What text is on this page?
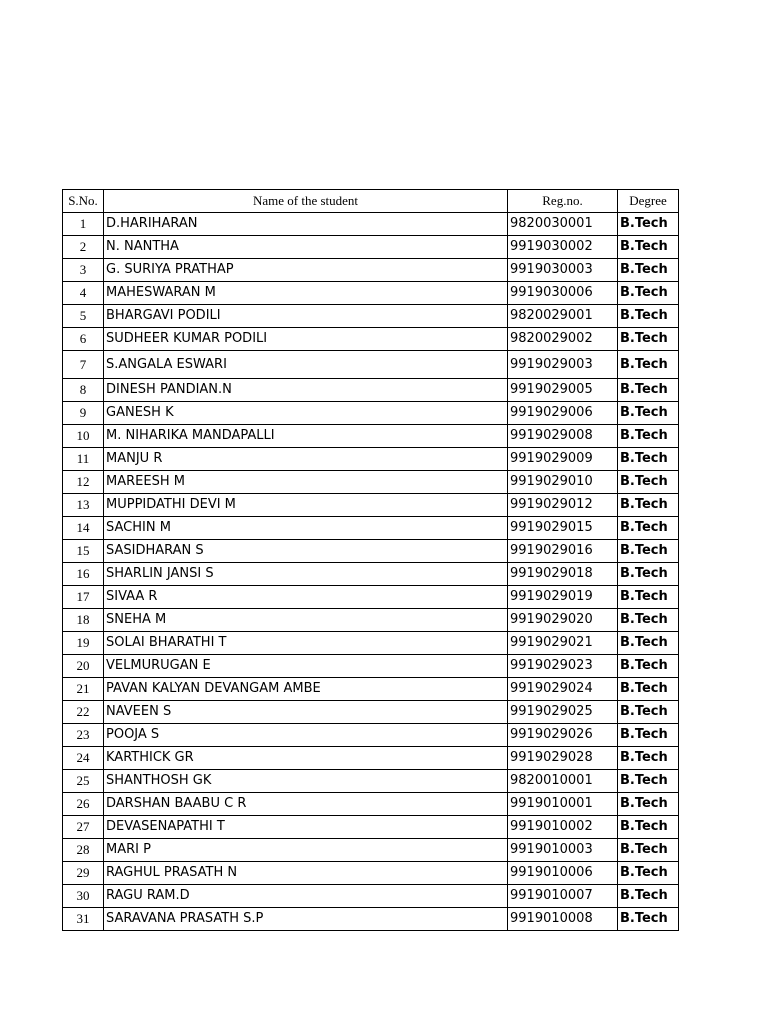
S.No.	Name of the student	Reg.no.	Degree
1	D.HARIHARAN	9820030001	B.Tech
2	N. NANTHA	9919030002	B.Tech
3	G. SURIYA PRATHAP	9919030003	B.Tech
4	MAHESWARAN M	9919030006	B.Tech
5	BHARGAVI PODILI	9820029001	B.Tech
6	SUDHEER KUMAR PODILI	9820029002	B.Tech
7	S.ANGALA ESWARI	9919029003	B.Tech
8	DINESH PANDIAN.N	9919029005	B.Tech
9	GANESH K	9919029006	B.Tech
10	M. NIHARIKA MANDAPALLI	9919029008	B.Tech
11	MANJU R	9919029009	B.Tech
12	MAREESH M	9919029010	B.Tech
13	MUPPIDATHI DEVI M	9919029012	B.Tech
14	SACHIN M	9919029015	B.Tech
15	SASIDHARAN S	9919029016	B.Tech
16	SHARLIN JANSI S	9919029018	B.Tech
17	SIVAA R	9919029019	B.Tech
18	SNEHA M	9919029020	B.Tech
19	SOLAI BHARATHI T	9919029021	B.Tech
20	VELMURUGAN E	9919029023	B.Tech
21	PAVAN KALYAN DEVANGAM AMBE	9919029024	B.Tech
22	NAVEEN S	9919029025	B.Tech
23	POOJA S	9919029026	B.Tech
24	KARTHICK GR	9919029028	B.Tech
25	SHANTHOSH GK	9820010001	B.Tech
26	DARSHAN BAABU C R	9919010001	B.Tech
27	DEVASENAPATHI T	9919010002	B.Tech
28	MARI P	9919010003	B.Tech
29	RAGHUL PRASATH N	9919010006	B.Tech
30	RAGU RAM.D	9919010007	B.Tech
31	SARAVANA PRASATH S.P	9919010008	B.Tech
